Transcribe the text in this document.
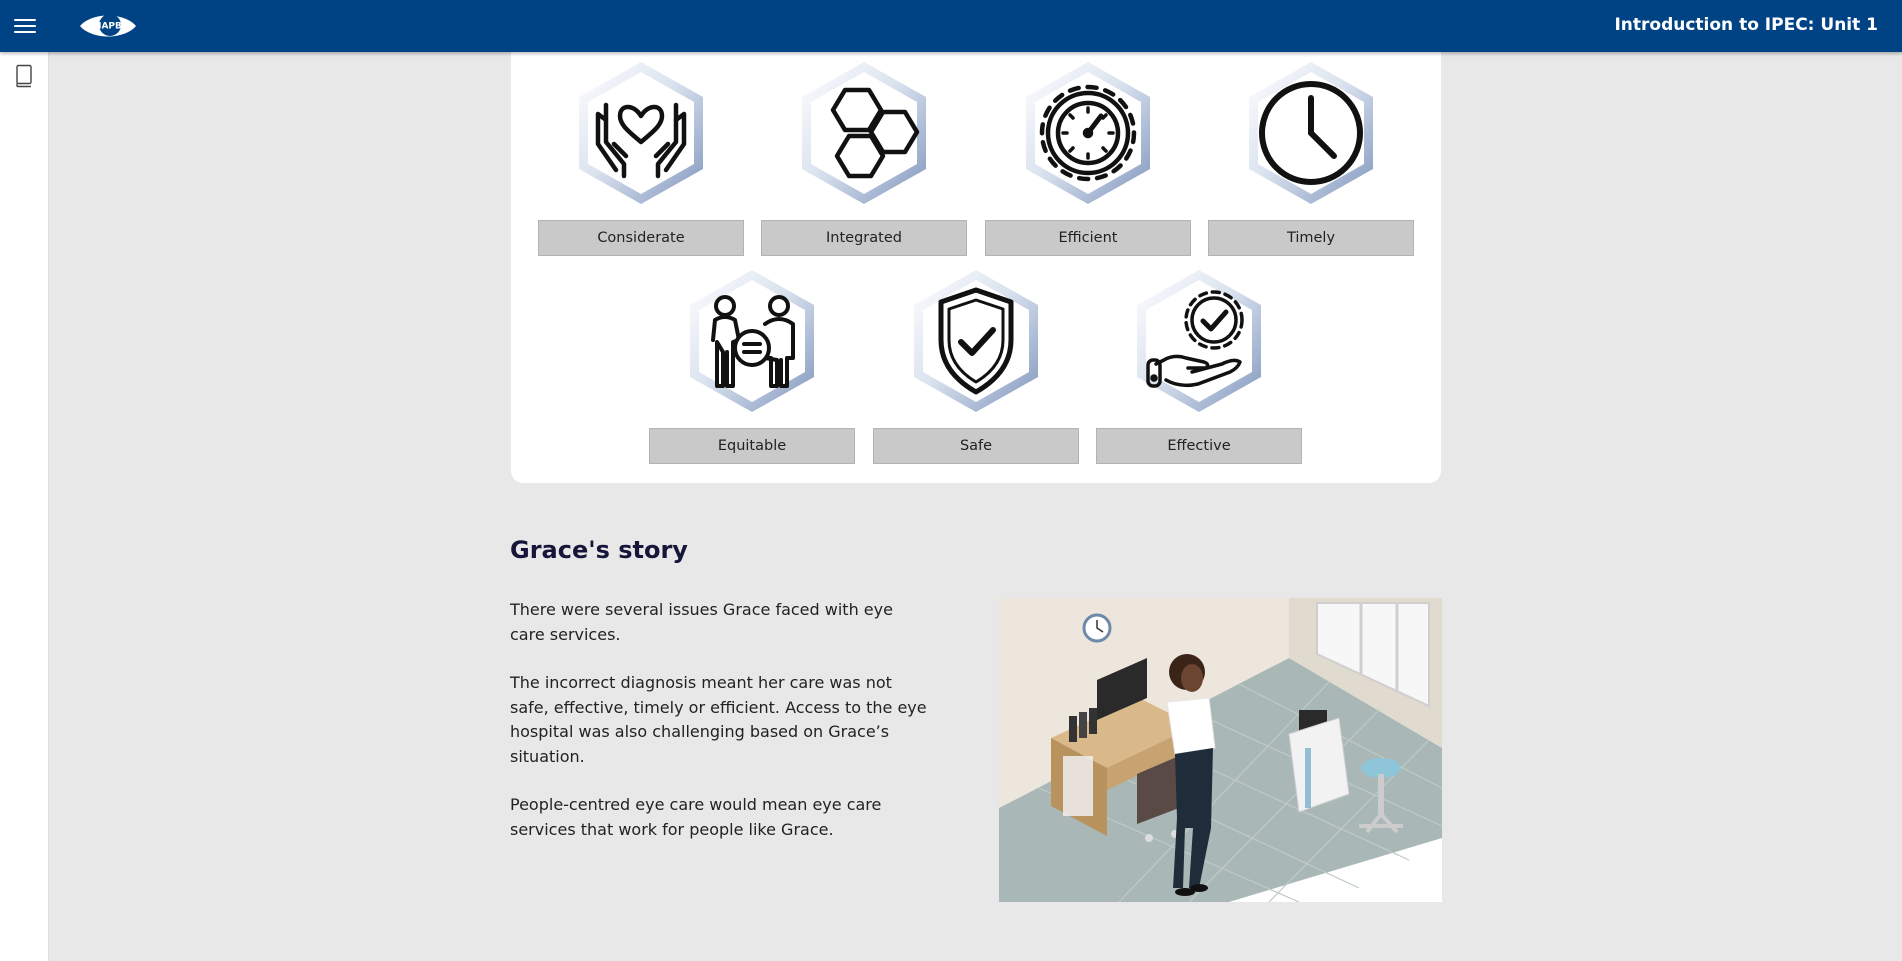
IAPB	Introduction to IPEC: Unit 1
Considerate	Integrated	Efficient	Timely
Equitable	Safe	Effective
Grace's story

There were several issues Grace faced with eye care services.

The incorrect diagnosis meant her care was not safe, effective, timely or efficient. Access to the eye hospital was also challenging based on Grace’s situation.

People-centred eye care would mean eye care services that work for people like Grace.
